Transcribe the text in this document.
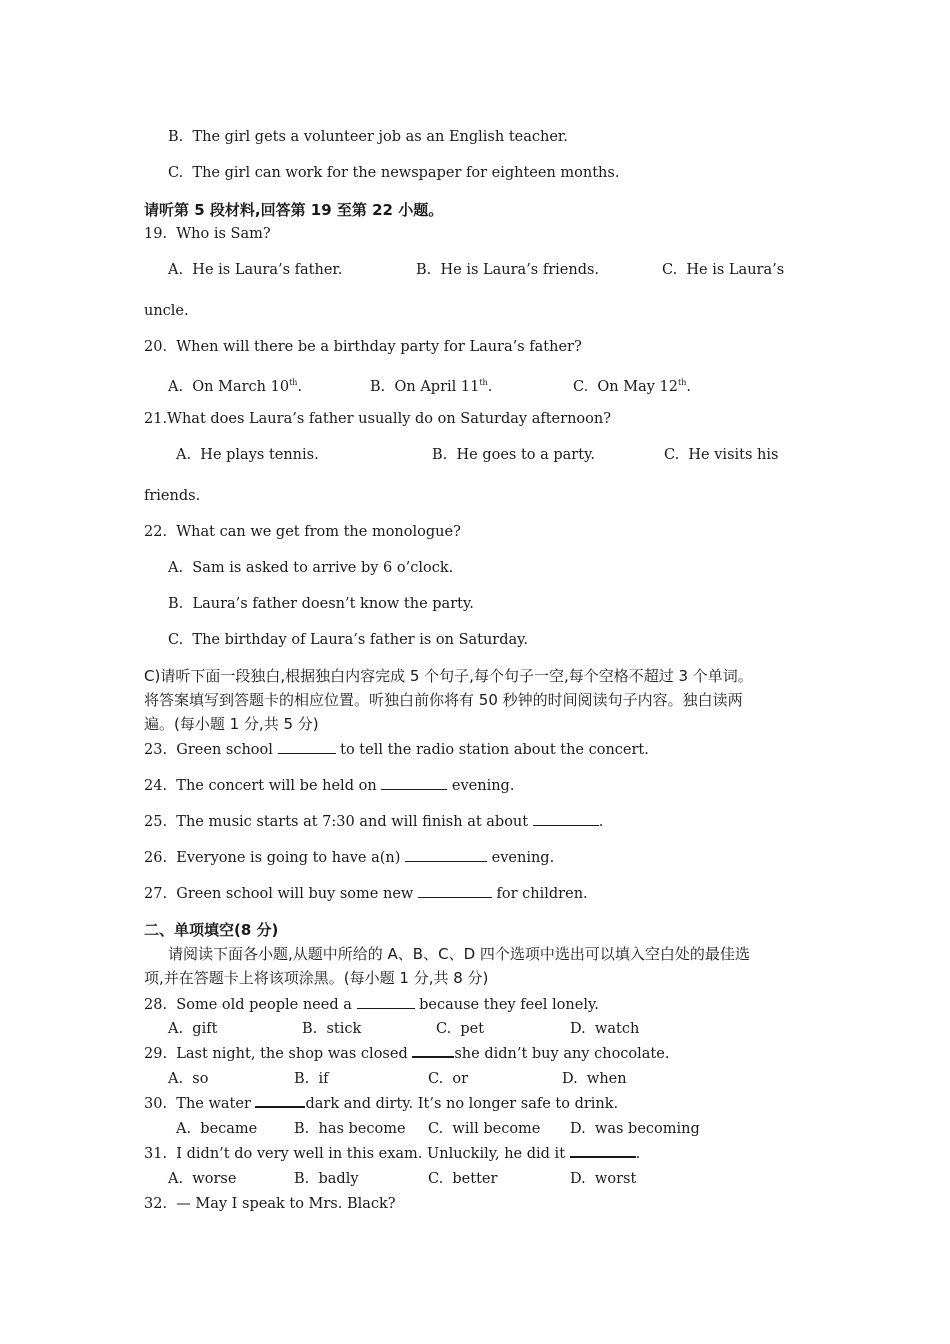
B.  The girl gets a volunteer job as an English teacher.
C.  The girl can work for the newspaper for eighteen months.
请听第 5 段材料,回答第 19 至第 22 小题。
19.  Who is Sam?
A.  He is Laura’s father.	B.  He is Laura’s friends.	C.  He is Laura’s
uncle.
20.  When will there be a birthday party for Laura’s father?
A.  On March 10th.	B.  On April 11th.	C.  On May 12th.
21.What does Laura’s father usually do on Saturday afternoon?
A.  He plays tennis.	B.  He goes to a party.	C.  He visits his
friends.
22.  What can we get from the monologue?
A.  Sam is asked to arrive by 6 o’clock.
B.  Laura’s father doesn’t know the party.
C.  The birthday of Laura’s father is on Saturday.
C)请听下面一段独白,根据独白内容完成 5 个句子,每个句子一空,每个空格不超过 3 个单词。
将答案填写到答题卡的相应位置。听独白前你将有 50 秒钟的时间阅读句子内容。独白读两
遍。(每小题 1 分,共 5 分)
23.  Green school	to tell the radio station about the concert.
24.  The concert will be held on	evening.
25.  The music starts at 7:30 and will finish at about	.
26.  Everyone is going to have a(n)	evening.
27.  Green school will buy some new	for children.
二、单项填空(8 分)
请阅读下面各小题,从题中所给的 A、B、C、D 四个选项中选出可以填入空白处的最佳选
项,并在答题卡上将该项涂黑。(每小题 1 分,共 8 分)
28.  Some old people need a	because they feel lonely.
A.  gift	B.  stick	C.  pet	D.  watch
29.  Last night, the shop was closed	she didn’t buy any chocolate.
A.  so	B.  if	C.  or	D.  when
30.  The water	dark and dirty. It’s no longer safe to drink.
A.  became	B.  has become C.  will become D.  was becoming
31.  I didn’t do very well in this exam. Unluckily, he did it	.
A.  worse	B.  badly	C.  better	D.  worst
32.  — May I speak to Mrs. Black?
